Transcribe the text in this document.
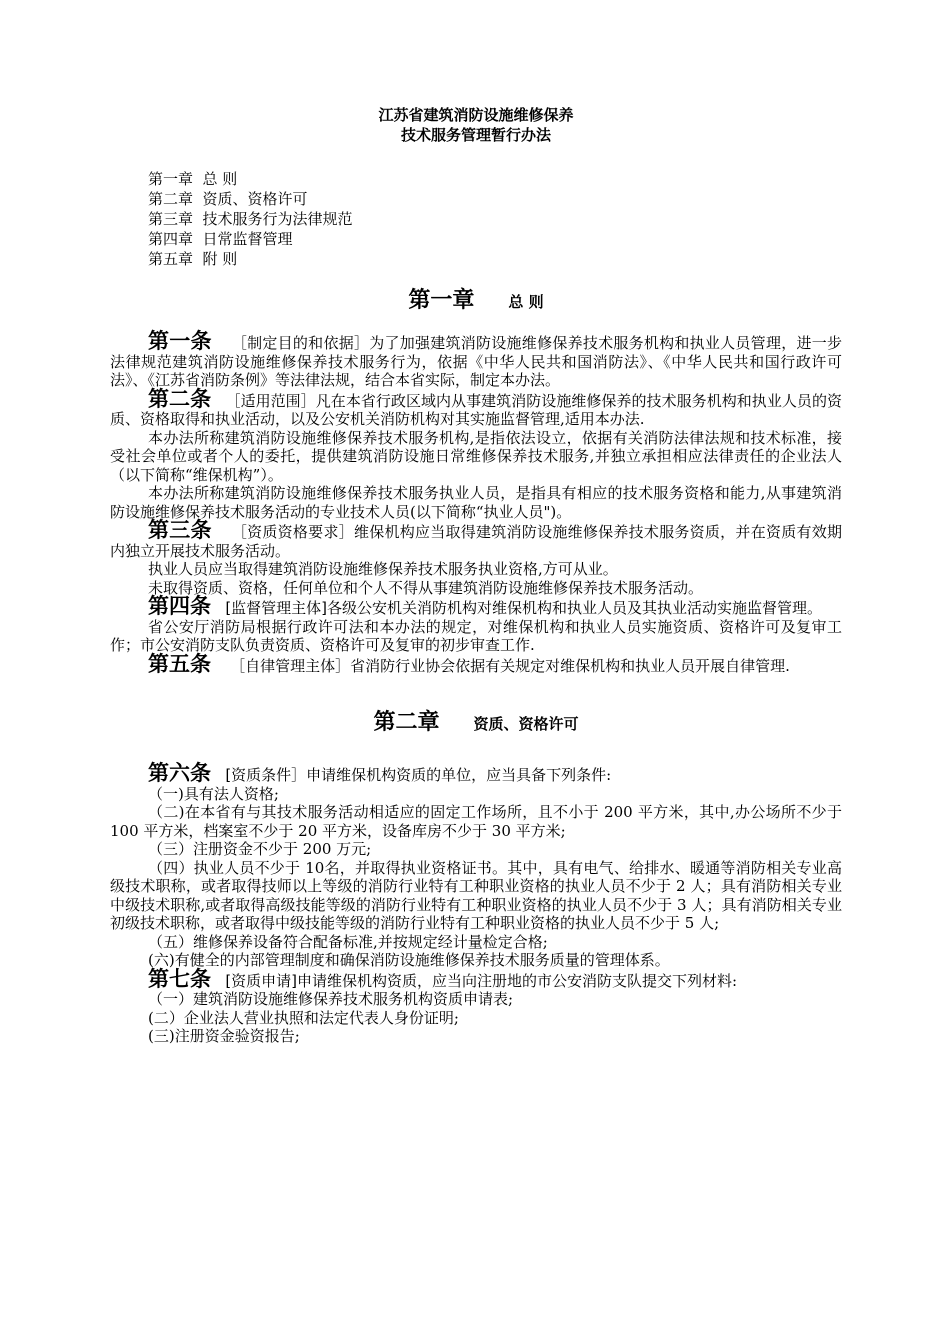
江苏省建筑消防设施维修保养
技术服务管理暂行办法
第一章  总 则
第二章  资质、资格许可
第三章  技术服务行为法律规范
第四章  日常监督管理
第五章  附 则
第一章 总 则

第一条 ［制定目的和依据］为了加强建筑消防设施维修保养技术服务机构和执业人员管理，进一步法律规范建筑消防设施维修保养技术服务行为，依据《中华人民共和国消防法》、《中华人民共和国行政许可法》、《江苏省消防条例》等法律法规，结合本省实际，制定本办法。

第二条 ［适用范围］凡在本省行政区域内从事建筑消防设施维修保养的技术服务机构和执业人员的资质、资格取得和执业活动，以及公安机关消防机构对其实施监督管理,适用本办法.

本办法所称建筑消防设施维修保养技术服务机构,是指依法设立，依据有关消防法律法规和技术标准，接受社会单位或者个人的委托，提供建筑消防设施日常维修保养技术服务,并独立承担相应法律责任的企业法人（以下简称“维保机构”）。

本办法所称建筑消防设施维修保养技术服务执业人员，是指具有相应的技术服务资格和能力,从事建筑消防设施维修保养技术服务活动的专业技术人员(以下简称“执业人员")。

第三条 ［资质资格要求］维保机构应当取得建筑消防设施维修保养技术服务资质，并在资质有效期内独立开展技术服务活动。

执业人员应当取得建筑消防设施维修保养技术服务执业资格,方可从业。

未取得资质、资格，任何单位和个人不得从事建筑消防设施维修保养技术服务活动。

第四条 [监督管理主体]各级公安机关消防机构对维保机构和执业人员及其执业活动实施监督管理。

省公安厅消防局根据行政许可法和本办法的规定，对维保机构和执业人员实施资质、资格许可及复审工作；市公安消防支队负责资质、资格许可及复审的初步审查工作.

第五条 ［自律管理主体］省消防行业协会依据有关规定对维保机构和执业人员开展自律管理.

第二章 资质、资格许可

第六条 [资质条件］申请维保机构资质的单位，应当具备下列条件:

（一)具有法人资格;

（二)在本省有与其技术服务活动相适应的固定工作场所，且不小于 200 平方米，其中,办公场所不少于 100 平方米，档案室不少于 20 平方米，设备库房不少于 30 平方米;

（三）注册资金不少于 200 万元;

（四）执业人员不少于 10名，并取得执业资格证书。其中，具有电气、给排水、暖通等消防相关专业高级技术职称，或者取得技师以上等级的消防行业特有工种职业资格的执业人员不少于 2 人；具有消防相关专业中级技术职称,或者取得高级技能等级的消防行业特有工种职业资格的执业人员不少于 3 人；具有消防相关专业初级技术职称，或者取得中级技能等级的消防行业特有工种职业资格的执业人员不少于 5 人;

（五）维修保养设备符合配备标准,并按规定经计量检定合格;

(六)有健全的内部管理制度和确保消防设施维修保养技术服务质量的管理体系。

第七条 [资质申请]申请维保机构资质，应当向注册地的市公安消防支队提交下列材料:

（一）建筑消防设施维修保养技术服务机构资质申请表;

(二）企业法人营业执照和法定代表人身份证明;

(三)注册资金验资报告;
